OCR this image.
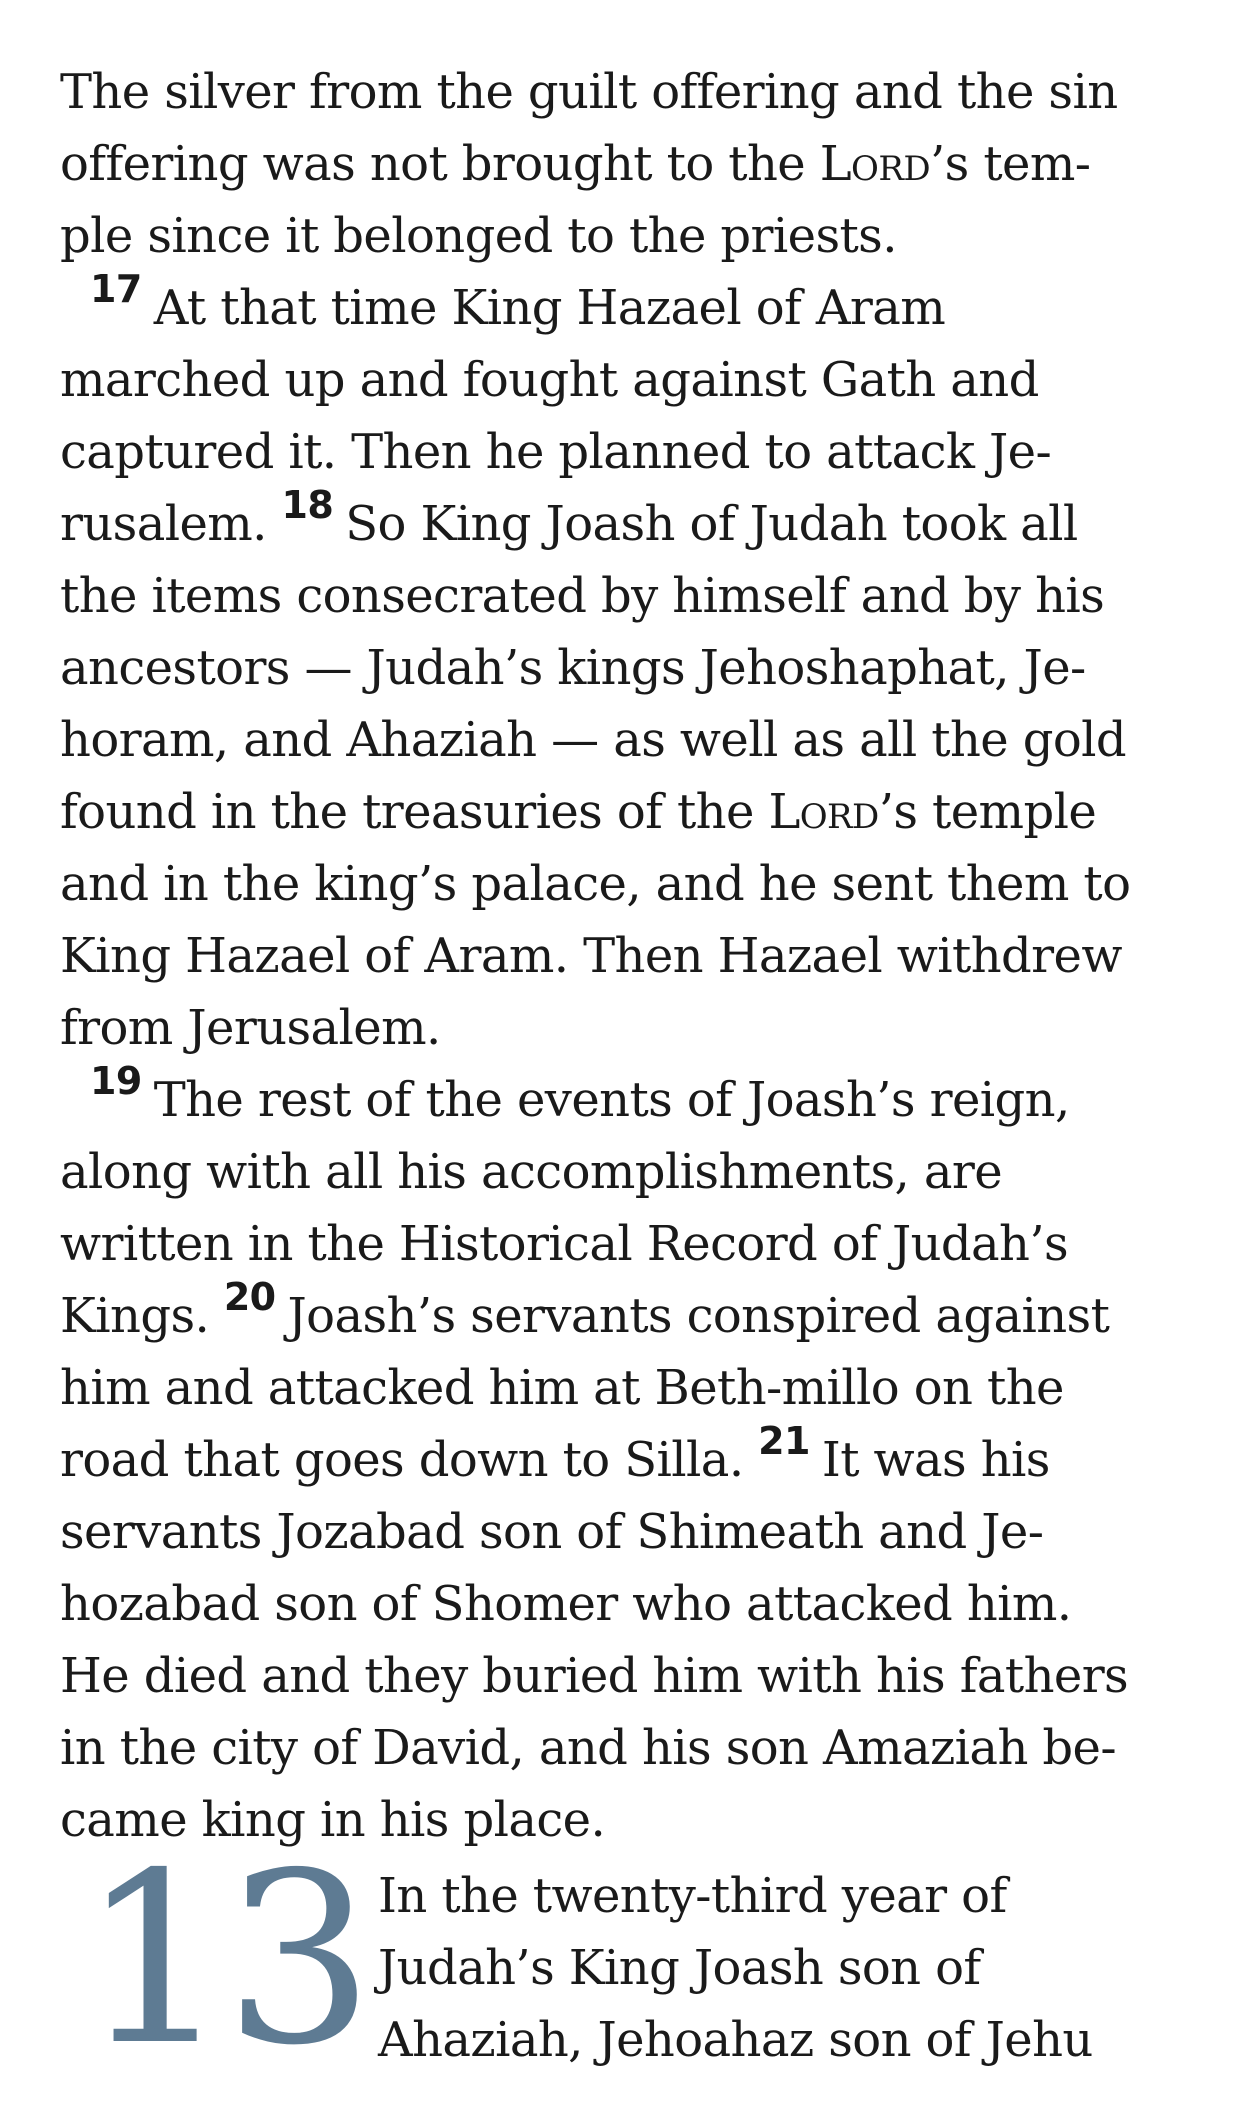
The silver from the guilt offering and the sin
offering was not brought to the Lord’s tem-
ple since it belonged to the priests.
$^{17}$ At that time King Hazael of Aram
marched up and fought against Gath and
captured it. Then he planned to attack Je-
rusalem. $^{18}$ So King Joash of Judah took all
the items consecrated by himself and by his
ancestors — Judah’s kings Jehoshaphat, Je-
horam, and Ahaziah — as well as all the gold
found in the treasuries of the Lord’s temple
and in the king’s palace, and he sent them to
King Hazael of Aram. Then Hazael withdrew
from Jerusalem.
$^{19}$ The rest of the events of Joash’s reign,
along with all his accomplishments, are
written in the Historical Record of Judah’s
Kings. $^{20}$ Joash’s servants conspired against
him and attacked him at Beth-millo on the
road that goes down to Silla. $^{21}$ It was his
servants Jozabad son of Shimeath and Je-
hozabad son of Shomer who attacked him.
He died and they buried him with his fathers
in the city of David, and his son Amaziah be-
came king in his place.
13 In the twenty-third year of
Judah’s King Joash son of
Ahaziah, Jehoahaz son of Jehu
